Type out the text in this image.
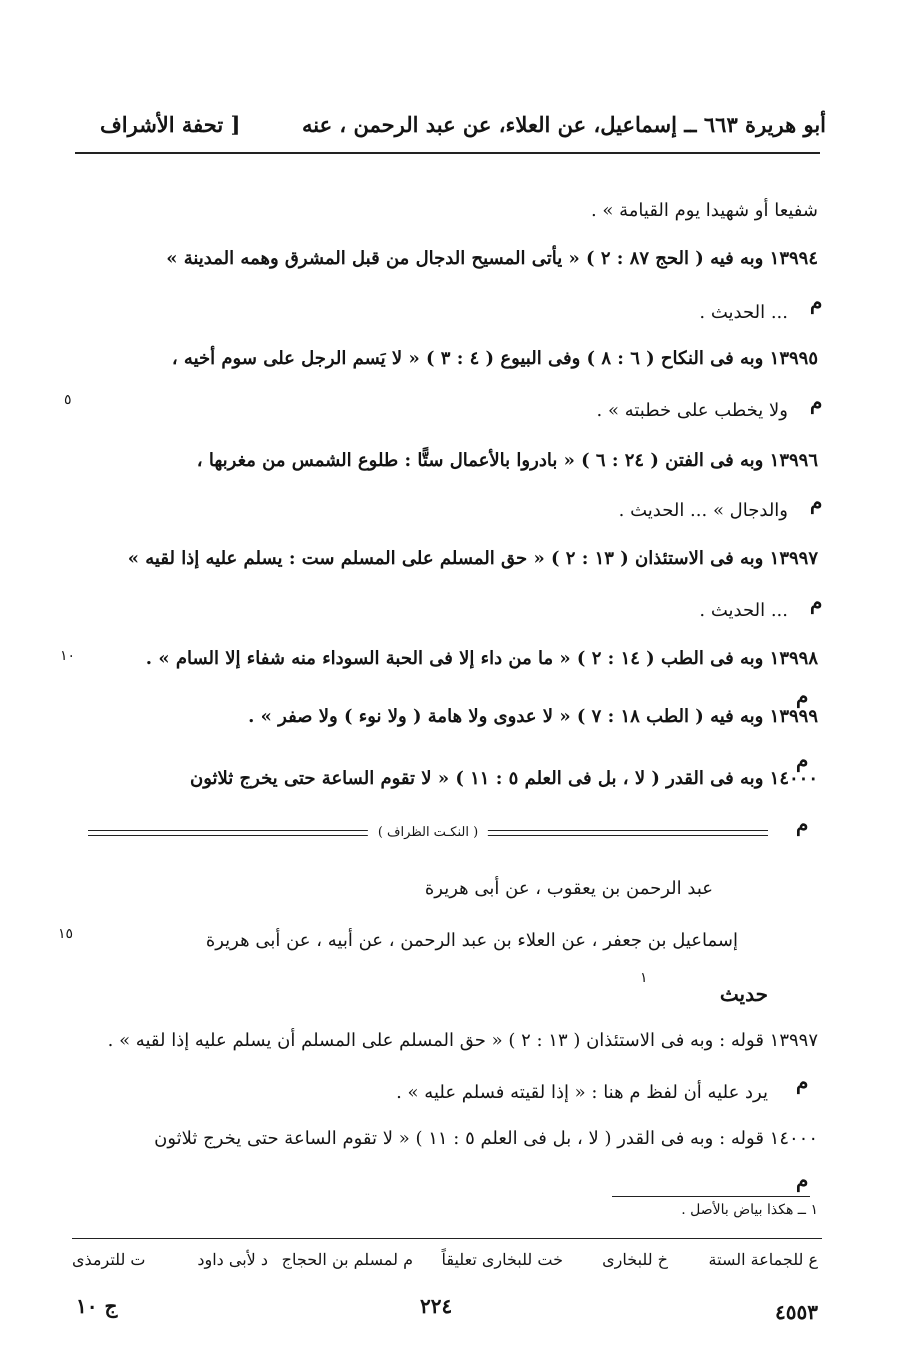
أبو هريرة ٦٦٣ ــ إسماعيل، عن العلاء، عن عبد الرحمن ، عنه
[ تحفة الأشراف
شفيعا أو شهيدا يوم القيامة » .
١٣٩٩٤ وبه فيه ( الحج ٨٧ : ٢ ) « يأتى المسيح الدجال من قبل المشرق وهمه المدينة »
م
... الحديث .
١٣٩٩٥ وبه فى النكاح ( ٦ : ٨ ) وفى البيوع ( ٤ : ٣ ) « لا يَسم الرجل على سوم أخيه ،
م
٥	ولا يخطب على خطبته » .
١٣٩٩٦ وبه فى الفتن ( ٢٤ : ٦ ) « بادروا بالأعمال ستًّا : طلوع الشمس من مغربها ،
م
والدجال » ... الحديث .
١٣٩٩٧ وبه فى الاستئذان ( ١٣ : ٢ ) « حق المسلم على المسلم ست : يسلم عليه إذا لقيه »
م
... الحديث .
١٣٩٩٨ وبه فى الطب ( ١٤ : ٢ ) « ما من داء إلا فى الحبة السوداء منه شفاء إلا السام » .
١٠
م
١٣٩٩٩ وبه فيه ( الطب ١٨ : ٧ ) « لا عدوى ولا هامة ( ولا نوء ) ولا صفر » .
م
١٤٠٠٠ وبه فى القدر ( لا ، بل فى العلم ٥ : ١١ ) « لا تقوم الساعة حتى يخرج ثلاثون
م
( النكـت الظراف )
عبد الرحمن بن يعقوب ، عن أبى هريرة
إسماعيل بن جعفر ، عن العلاء بن عبد الرحمن ، عن أبيه ، عن أبى هريرة
١٥
١
حديث
١٣٩٩٧ قوله : وبه فى الاستئذان ( ١٣ : ٢ ) « حق المسلم على المسلم أن يسلم عليه إذا لقيه » .
م
يرد عليه أن لفظ م هنا : « إذا لقيته فسلم عليه » .
١٤٠٠٠ قوله : وبه فى القدر ( لا ، بل فى العلم ٥ : ١١ ) « لا تقوم الساعة حتى يخرج ثلاثون
م
١ ــ هكذا بياض بالأصل .
ع للجماعة الستة
خ للبخارى
خت للبخارى تعليقاً
م لمسلم بن الحجاج
د لأبى داود
ت للترمذى
٤٥٥٣
٢٢٤
ج ١٠
